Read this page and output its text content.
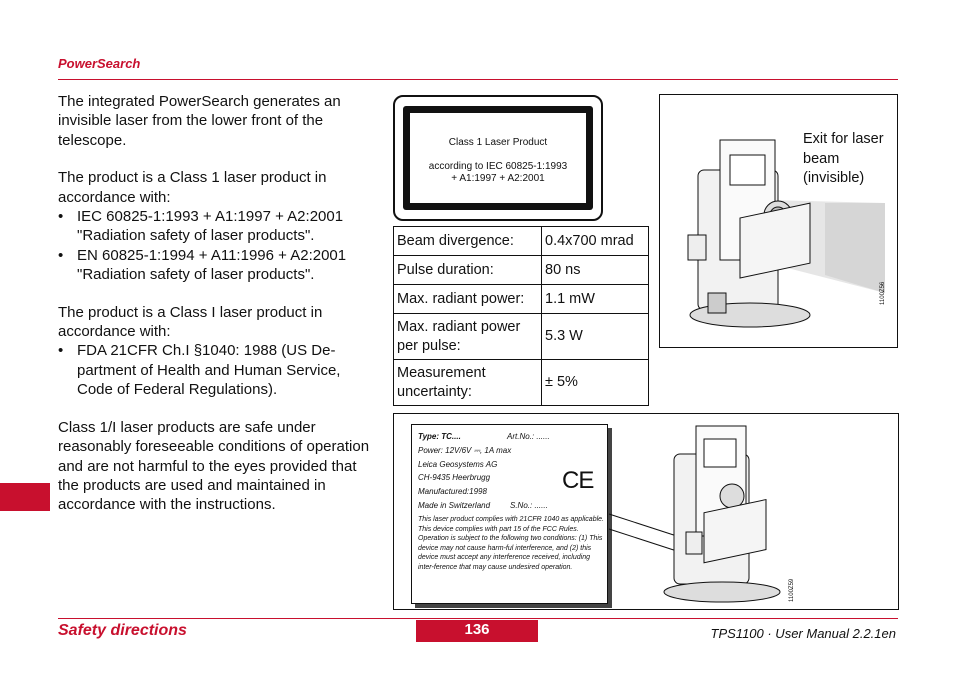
PowerSearch

The integrated PowerSearch generates an invisible laser from the lower front of the telescope.

The product is a Class 1 laser product in accordance with:

• IEC 60825-1:1993 + A1:1997 + A2:2001 "Radiation safety of laser products".
• EN 60825-1:1994 + A11:1996 + A2:2001 "Radiation safety of laser products".

The product is a Class I laser product in accordance with:

• FDA 21CFR Ch.I §1040: 1988 (US De-partment of Health and Human Service, Code of Federal Regulations).

Class 1/I laser products are safe under reasonably foreseeable conditions of operation and are not harmful to the eyes provided that the products are used and maintained in accordance with the instructions.

Class 1 Laser Product
according to IEC 60825-1:1993
+ A1:1997 + A2:2001
Beam divergence:	0.4x700 mrad
Pulse duration:	80 ns
Max. radiant power:	1.1 mW
Max. radiant power per pulse:	5.3 W
Measurement uncertainty:	± 5%
Exit for laser beam (invisible)
1100Z56
Type: TC....	Art.No.: ......
Power: 12V/6V ⎓, 1A max
Leica Geosystems AG
CH-9435 Heerbrugg
Manufactured:1998
Made in Switzerland S.No.: ......
CE
This laser product complies with 21CFR 1040 as applicable. This device complies with part 15 of the FCC Rules. Operation is subject to the following two conditions: (1) This device may not cause harm-ful interference, and (2) this device must accept any interference received, including inter-ference that may cause undesired operation.
1100Z59
Safety directions	136	TPS1100 · User Manual 2.2.1en
